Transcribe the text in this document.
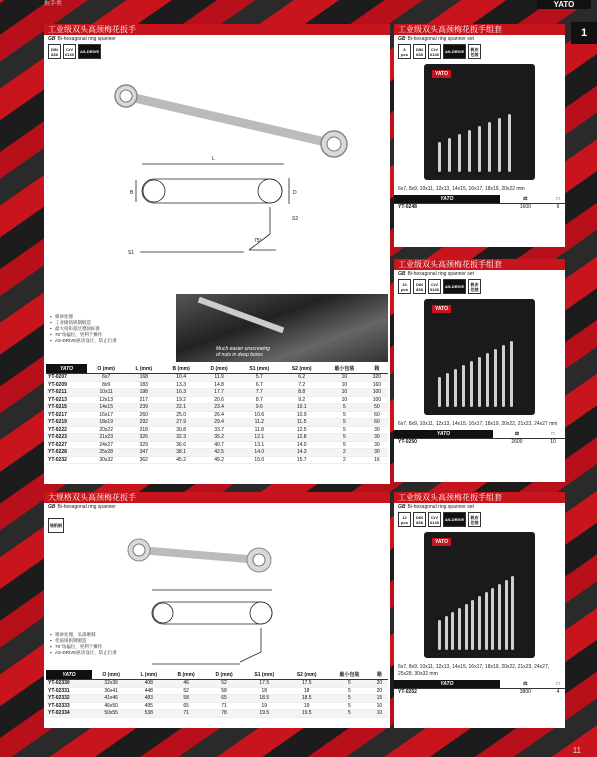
扳手类	YATO
1
11
工业级双头高颈梅花扳手
GB Bi-hexagonal ring spanner
DIN
838
CrV
6140 AS-DRIVE
L
B	D
S2
S1
75°
Much easier unscrewing
of nuts in deep bores
▪ 喷砂处理
▪ 工业级铬钒钢锻造
▪ 最大扭矩超过德国标准
▪ 75°角偏位，更利于操作
▪ AS-DRIVE驱动设计，防止打滑
YATO	O (mm)	L (mm)	B (mm)	D (mm)	S1 (mm)	S2 (mm)	最小包装	箱
YT-0207	6x7	168	10.4	11.9	5.7	6.2	10	320
YT-0209	8x9	183	13.3	14.8	6.7	7.2	10	160
YT-0211	10x11	198	16.3	17.7	7.7	8.8	10	100
YT-0213	12x13	217	19.2	20.6	8.7	9.2	10	100
YT-0215	14x15	239	22.1	23.4	9.6	10.1	5	50
YT-0217	16x17	260	25.0	26.4	10.6	10.9	5	60
YT-0219	18x19	292	27.9	29.4	11.2	11.5	5	60
YT-0222	20x22	318	30.8	33.7	11.8	12.5	5	30
YT-0223	21x23	326	32.3	35.2	12.1	12.8	5	30
YT-0227	24x27	329	36.6	40.7	13.1	14.0	5	30
YT-0228	25x28	347	38.1	42.5	14.0	14.3	2	30
YT-0232	30x32	362	45.2	49.2	15.0	15.7	2	16
大规格双头高颈梅花扳手
GB Bi-hexagonal ring spanner
铬钒钢
▪ 喷砂处理，头部磨制
▪ 优质铬钒钢锻造
▪ 75°角偏位，更利于操作
▪ AS-DRIVE驱动设计，防止打滑
YATO	O (mm)	L (mm)	B (mm)	D (mm)	S1 (mm)	S2 (mm)	最小包装	箱
YT-02330	32x36	408	46	52	17.5	17.5	5	20
YT-02331	36x41	448	52	58	18	18	5	20
YT-02332	41x46	483	58	65	18.5	18.5	5	15
YT-02333	46x50	495	65	71	19	19	5	10
YT-02334	50x55	538	71	78	19.5	19.5	5	10
工业级双头高颈梅花扳手组套
GB Bi-hexagonal ring spanner set
8
pcs
DIN
838
CrV
6140 AS-DRIVE 帆布
包装
YATO
6x7, 8x9, 10x11, 12x13, 14x15, 16x17, 18x19, 20x22 mm
YATO	⚖	□
YT-0248	1600	6
工业级双头高颈梅花扳手组套
GB Bi-hexagonal ring spanner set
10
pcs
DIN
838
CrV
6140 AS-DRIVE 帆布
包装
YATO
6x7, 8x9, 10x11, 12x13, 14x15, 16x17, 18x19, 20x22, 21x23, 24x27 mm
YATO	⚖	□
YT-0250	2600	10
工业级双头高颈梅花扳手组套
GB Bi-hexagonal ring spanner set
12
pcs
DIN
838
CrV
6140 AS-DRIVE 帆布
包装
YATO
6x7, 8x9, 10x11, 12x13, 14x15, 16x17, 18x19, 20x22, 21x23, 24x27, 25x28, 30x32 mm
YATO	⚖	□
YT-0252	3800	4
